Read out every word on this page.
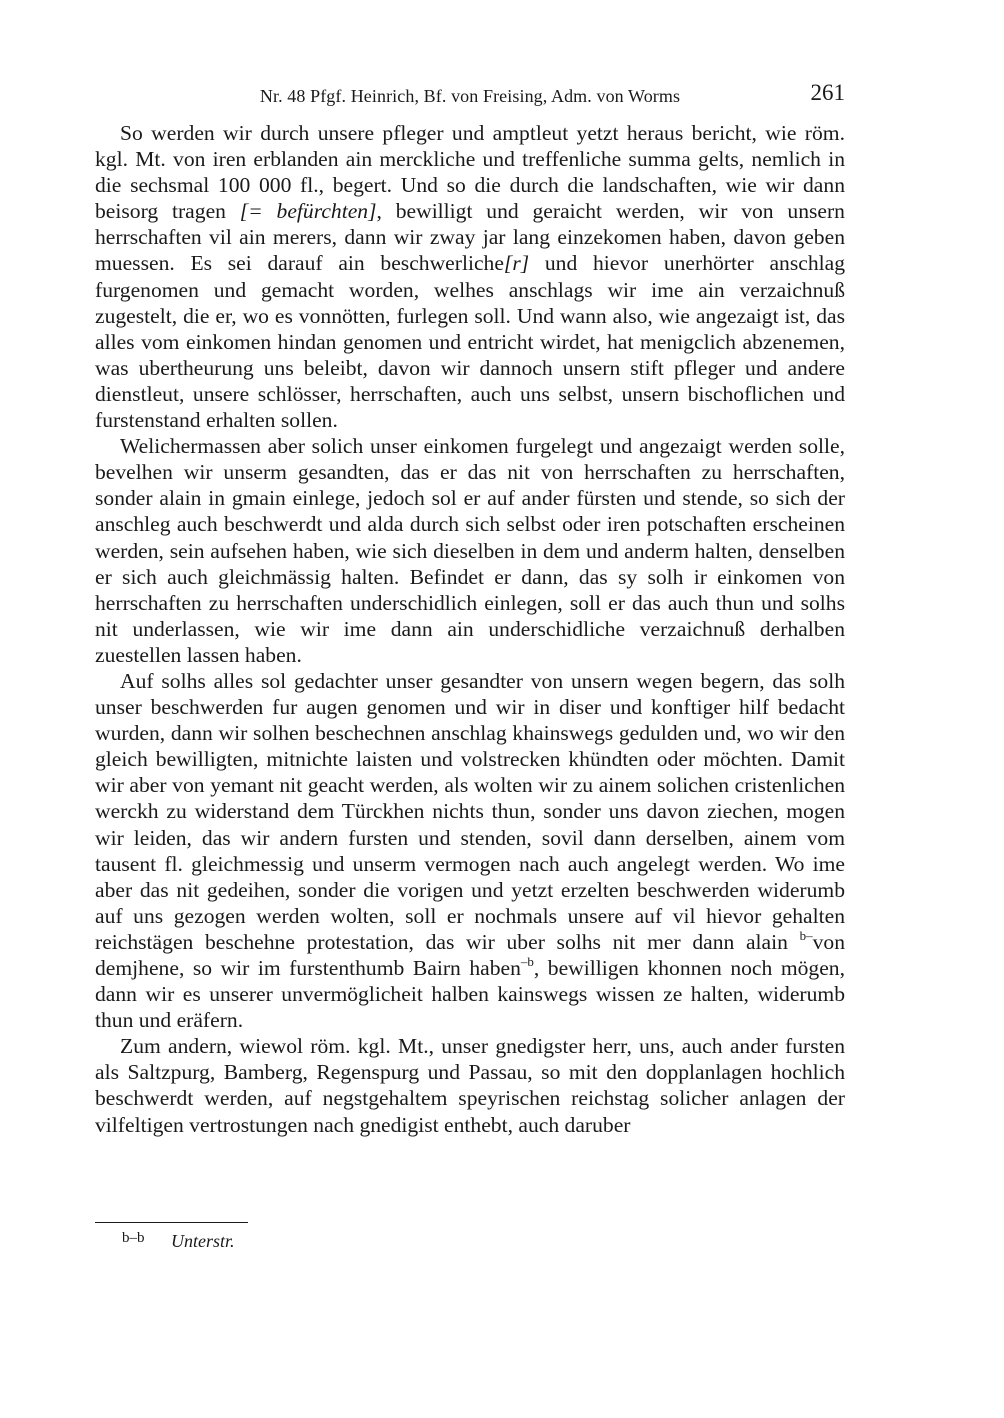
Nr. 48 Pfgf. Heinrich, Bf. von Freising, Adm. von Worms	261

So werden wir durch unsere pfleger und amptleut yetzt heraus bericht, wie röm. kgl. Mt. von iren erblanden ain merckliche und treffenliche summa gelts, nemlich in die sechsmal 100 000 fl., begert. Und so die durch die landschaften, wie wir dann beisorg tragen [= befürchten], bewilligt und geraicht werden, wir von unsern herrschaften vil ain merers, dann wir zway jar lang einzekomen haben, davon geben muessen. Es sei darauf ain beschwerliche[r] und hievor unerhörter anschlag furgenomen und gemacht worden, welhes anschlags wir ime ain verzaichnuß zugestelt, die er, wo es vonnötten, furlegen soll. Und wann also, wie angezaigt ist, das alles vom einkomen hindan genomen und entricht wirdet, hat menigclich abzenemen, was ubertheurung uns beleibt, davon wir dannoch unsern stift pfleger und andere dienstleut, unsere schlösser, herrschaften, auch uns selbst, unsern bischoflichen und furstenstand erhalten sollen.

Welichermassen aber solich unser einkomen furgelegt und angezaigt werden solle, bevelhen wir unserm gesandten, das er das nit von herrschaften zu herrschaften, sonder alain in gmain einlege, jedoch sol er auf ander fürsten und stende, so sich der anschleg auch beschwerdt und alda durch sich selbst oder iren potschaften erscheinen werden, sein aufsehen haben, wie sich dieselben in dem und anderm halten, denselben er sich auch gleichmässig halten. Befindet er dann, das sy solh ir einkomen von herrschaften zu herrschaften underschidlich einlegen, soll er das auch thun und solhs nit underlassen, wie wir ime dann ain underschidliche verzaichnuß derhalben zuestellen lassen haben.

Auf solhs alles sol gedachter unser gesandter von unsern wegen begern, das solh unser beschwerden fur augen genomen und wir in diser und konftiger hilf bedacht wurden, dann wir solhen beschechnen anschlag khainswegs gedulden und, wo wir den gleich bewilligten, mitnichte laisten und volstrecken khündten oder möchten. Damit wir aber von yemant nit geacht werden, als wolten wir zu ainem solichen cristenlichen werckh zu widerstand dem Türckhen nichts thun, sonder uns davon ziechen, mogen wir leiden, das wir andern fursten und stenden, sovil dann derselben, ainem vom tausent fl. gleichmessig und unserm vermogen nach auch angelegt werden. Wo ime aber das nit gedeihen, sonder die vorigen und yetzt erzelten beschwerden widerumb auf uns gezogen werden wolten, soll er nochmals unsere auf vil hievor gehalten reichstägen beschehne protestation, das wir uber solhs nit mer dann alain $^{b-}$von demjhene, so wir im furstenthumb Bairn haben$^{-b}$, bewilligen khonnen noch mögen, dann wir es unserer unvermöglicheit halben kainswegs wissen ze halten, widerumb thun und eräfern.

Zum andern, wiewol röm. kgl. Mt., unser gnedigster herr, uns, auch ander fursten als Saltzpurg, Bamberg, Regenspurg und Passau, so mit den dopplanlagen hochlich beschwerdt werden, auf negstgehaltem speyrischen reichstag solicher anlagen der vilfeltigen vertrostungen nach gnedigist enthebt, auch daruber

b–b Unterstr.
